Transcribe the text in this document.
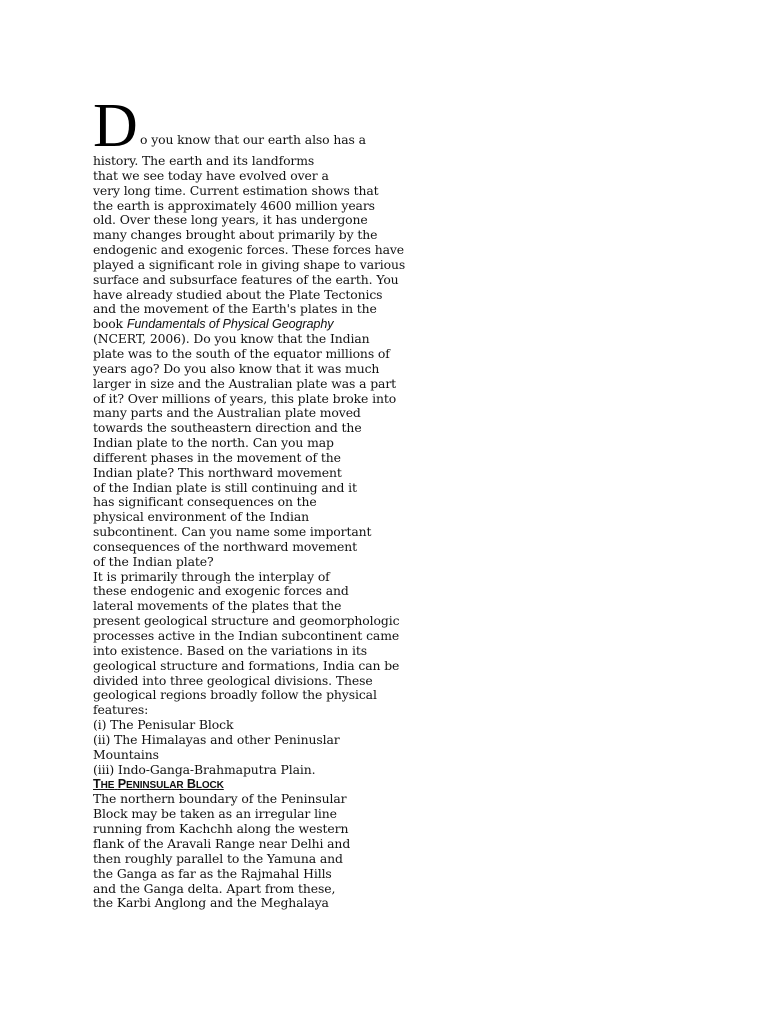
D o you know that our earth also has a
history. The earth and its landforms
that we see today have evolved over a
very long time. Current estimation shows that
the earth is approximately 4600 million years
old. Over these long years, it has undergone
many changes brought about primarily by the
endogenic and exogenic forces. These forces have
played a significant role in giving shape to various
surface and subsurface features of the earth. You
have already studied about the Plate Tectonics
and the movement of the Earth's plates in the
book Fundamentals of Physical Geography
(NCERT, 2006). Do you know that the Indian
plate was to the south of the equator millions of
years ago? Do you also know that it was much
larger in size and the Australian plate was a part
of it? Over millions of years, this plate broke into
many parts and the Australian plate moved
towards the southeastern direction and the
Indian plate to the north. Can you map
different phases in the movement of the
Indian plate? This northward movement
of the Indian plate is still continuing and it
has significant consequences on the
physical environment of the Indian
subcontinent. Can you name some important
consequences of the northward movement
of the Indian plate?
It is primarily through the interplay of
these endogenic and exogenic forces and
lateral movements of the plates that the
present geological structure and geomorphologic
processes active in the Indian subcontinent came
into existence. Based on the variations in its
geological structure and formations, India can be
divided into three geological divisions. These
geological regions broadly follow the physical
features:
(i) The Penisular Block
(ii) The Himalayas and other Peninuslar
Mountains
(iii) Indo-Ganga-Brahmaputra Plain.
THE PENINSULAR BLOCK
The northern boundary of the Peninsular
Block may be taken as an irregular line
running from Kachchh along the western
flank of the Aravali Range near Delhi and
then roughly parallel to the Yamuna and
the Ganga as far as the Rajmahal Hills
and the Ganga delta. Apart from these,
the Karbi Anglong and the Meghalaya
